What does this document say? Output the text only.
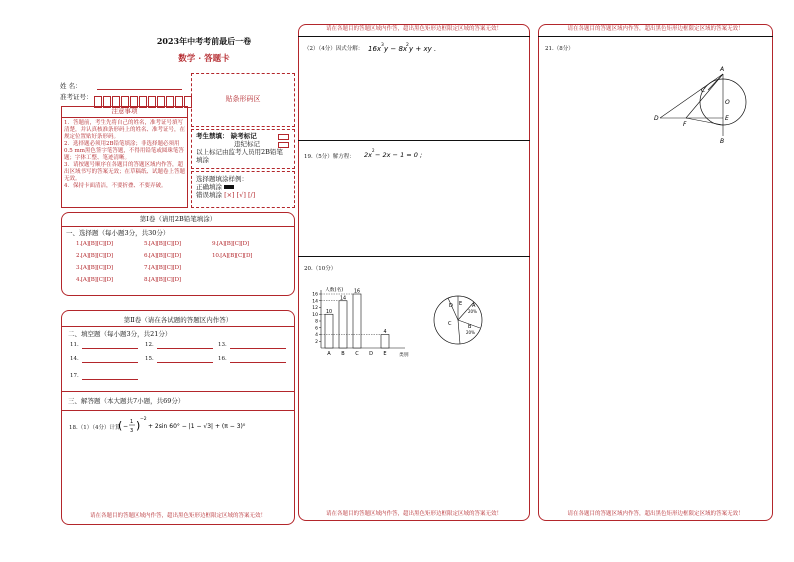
2023年中考考前最后一卷
数学 · 答题卡
姓 名：
准考证号：	贴条形码区
注意事项
1．答题前，考生先将自己的姓名，准考证号填写清楚，并认真核准条形码上的姓名、准考证号，在规定位置贴好条形码。
2．选择题必须用2B铅笔填涂；非选择题必须用0.5 mm黑色签字笔答题，不得用铅笔或圆珠笔答题；字体工整、笔迹清晰。
3．请按题号顺序在各题目的答题区域内作答，超出区域书写的答案无效；在草稿纸、试题卷上答题无效。
4．保持卡面清洁，不要折叠、不要弄破。
考生禁填： 缺考标记
违纪标记
以上标记由监考人员用2B铅笔填涂
选择题填涂样例：
正确填涂
错误填涂 [×] [√] [/]
第Ⅰ卷（请用2B铅笔填涂）
一、选择题（每小题3分，共30分）
1.[A][B][C][D]
2.[A][B][C][D]
3.[A][B][C][D]
4.[A][B][C][D]
5.[A][B][C][D]
6.[A][B][C][D]
7.[A][B][C][D]
8.[A][B][C][D]
9.[A][B][C][D]
10.[A][B][C][D]
第Ⅱ卷（请在各试题的答题区内作答）
二、填空题（每小题3分，共21分）
11.	12.	13.
14.	15.	16.
17.
三、解答题（本大题共7小题，共69分）
18.（1）（4分）计算
( −
1
3 ) −2
+ 2sin 60° − |1 − √3| + (π − 3)⁰
请在各题目的答题区域内作答，超出黑色矩形边框限定区域的答案无效！
请在各题目的答题区域内作答，超出黑色矩形边框限定区域的答案无效！
（2）（4分）因式分解： 16x 3 y − 8x
2 y + xy .
19.（5分）解方程： 2x
2
− 2x − 1 = 0 ;
20.（10分）
人数(名)
类别
2
4
6
8
10
12
14
16
10
A
14
B
16
C D
4
E
D E A
20%
C	B
20%
请在各题目的答题区域内作答，超出黑色矩形边框限定区域的答案无效！
请在各题目的答题区域内作答，超出黑色矩形边框限定区域的答案无效！
21.（8分）
A
B
C
D	E
F
O
请在各题目的答题区域内作答，超出黑色矩形边框限定区域的答案无效！
